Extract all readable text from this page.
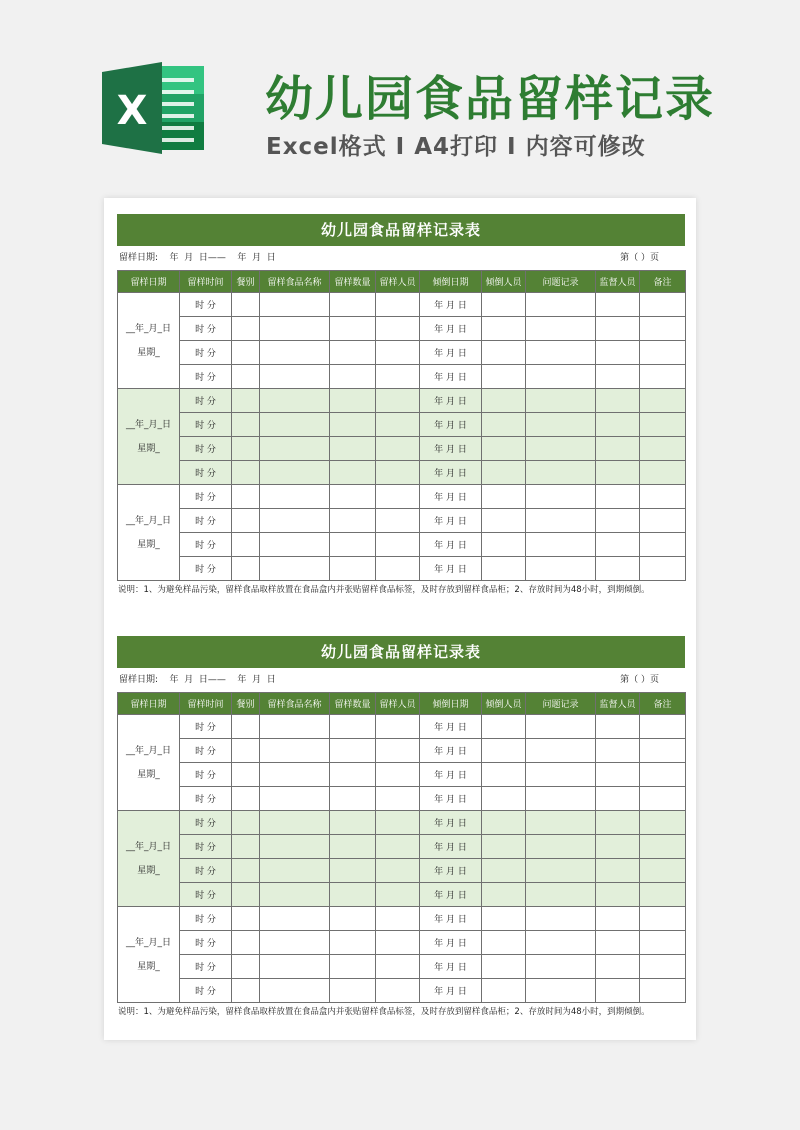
X 幼儿园食品留样记录
Excel格式 Ⅰ A4打印 Ⅰ 内容可修改
幼儿园食品留样记录表
留样日期:    年  月  日——    年  月  日	第（ ）页
留样日期	留样时间	餐别	留样食品名称	留样数量	留样人员	倾倒日期	倾倒人员	问题记录	监督人员	备注
__年_月_日
星期_	时 分					年 月 日				
	时 分					年 月 日				
	时 分					年 月 日				
	时 分					年 月 日				
__年_月_日
星期_	时 分					年 月 日				
	时 分					年 月 日				
	时 分					年 月 日				
	时 分					年 月 日				
__年_月_日
星期_	时 分					年 月 日				
	时 分					年 月 日				
	时 分					年 月 日				
	时 分					年 月 日				
说明：1、为避免样品污染，留样食品取样放置在食品盒内并张贴留样食品标签，及时存放到留样食品柜；2、存放时间为48小时，到期倾倒。
幼儿园食品留样记录表
留样日期:    年  月  日——    年  月  日	第（ ）页
留样日期	留样时间	餐别	留样食品名称	留样数量	留样人员	倾倒日期	倾倒人员	问题记录	监督人员	备注
__年_月_日
星期_	时 分					年 月 日				
	时 分					年 月 日				
	时 分					年 月 日				
	时 分					年 月 日				
__年_月_日
星期_	时 分					年 月 日				
	时 分					年 月 日				
	时 分					年 月 日				
	时 分					年 月 日				
__年_月_日
星期_	时 分					年 月 日				
	时 分					年 月 日				
	时 分					年 月 日				
	时 分					年 月 日				
说明：1、为避免样品污染，留样食品取样放置在食品盒内并张贴留样食品标签，及时存放到留样食品柜；2、存放时间为48小时，到期倾倒。
